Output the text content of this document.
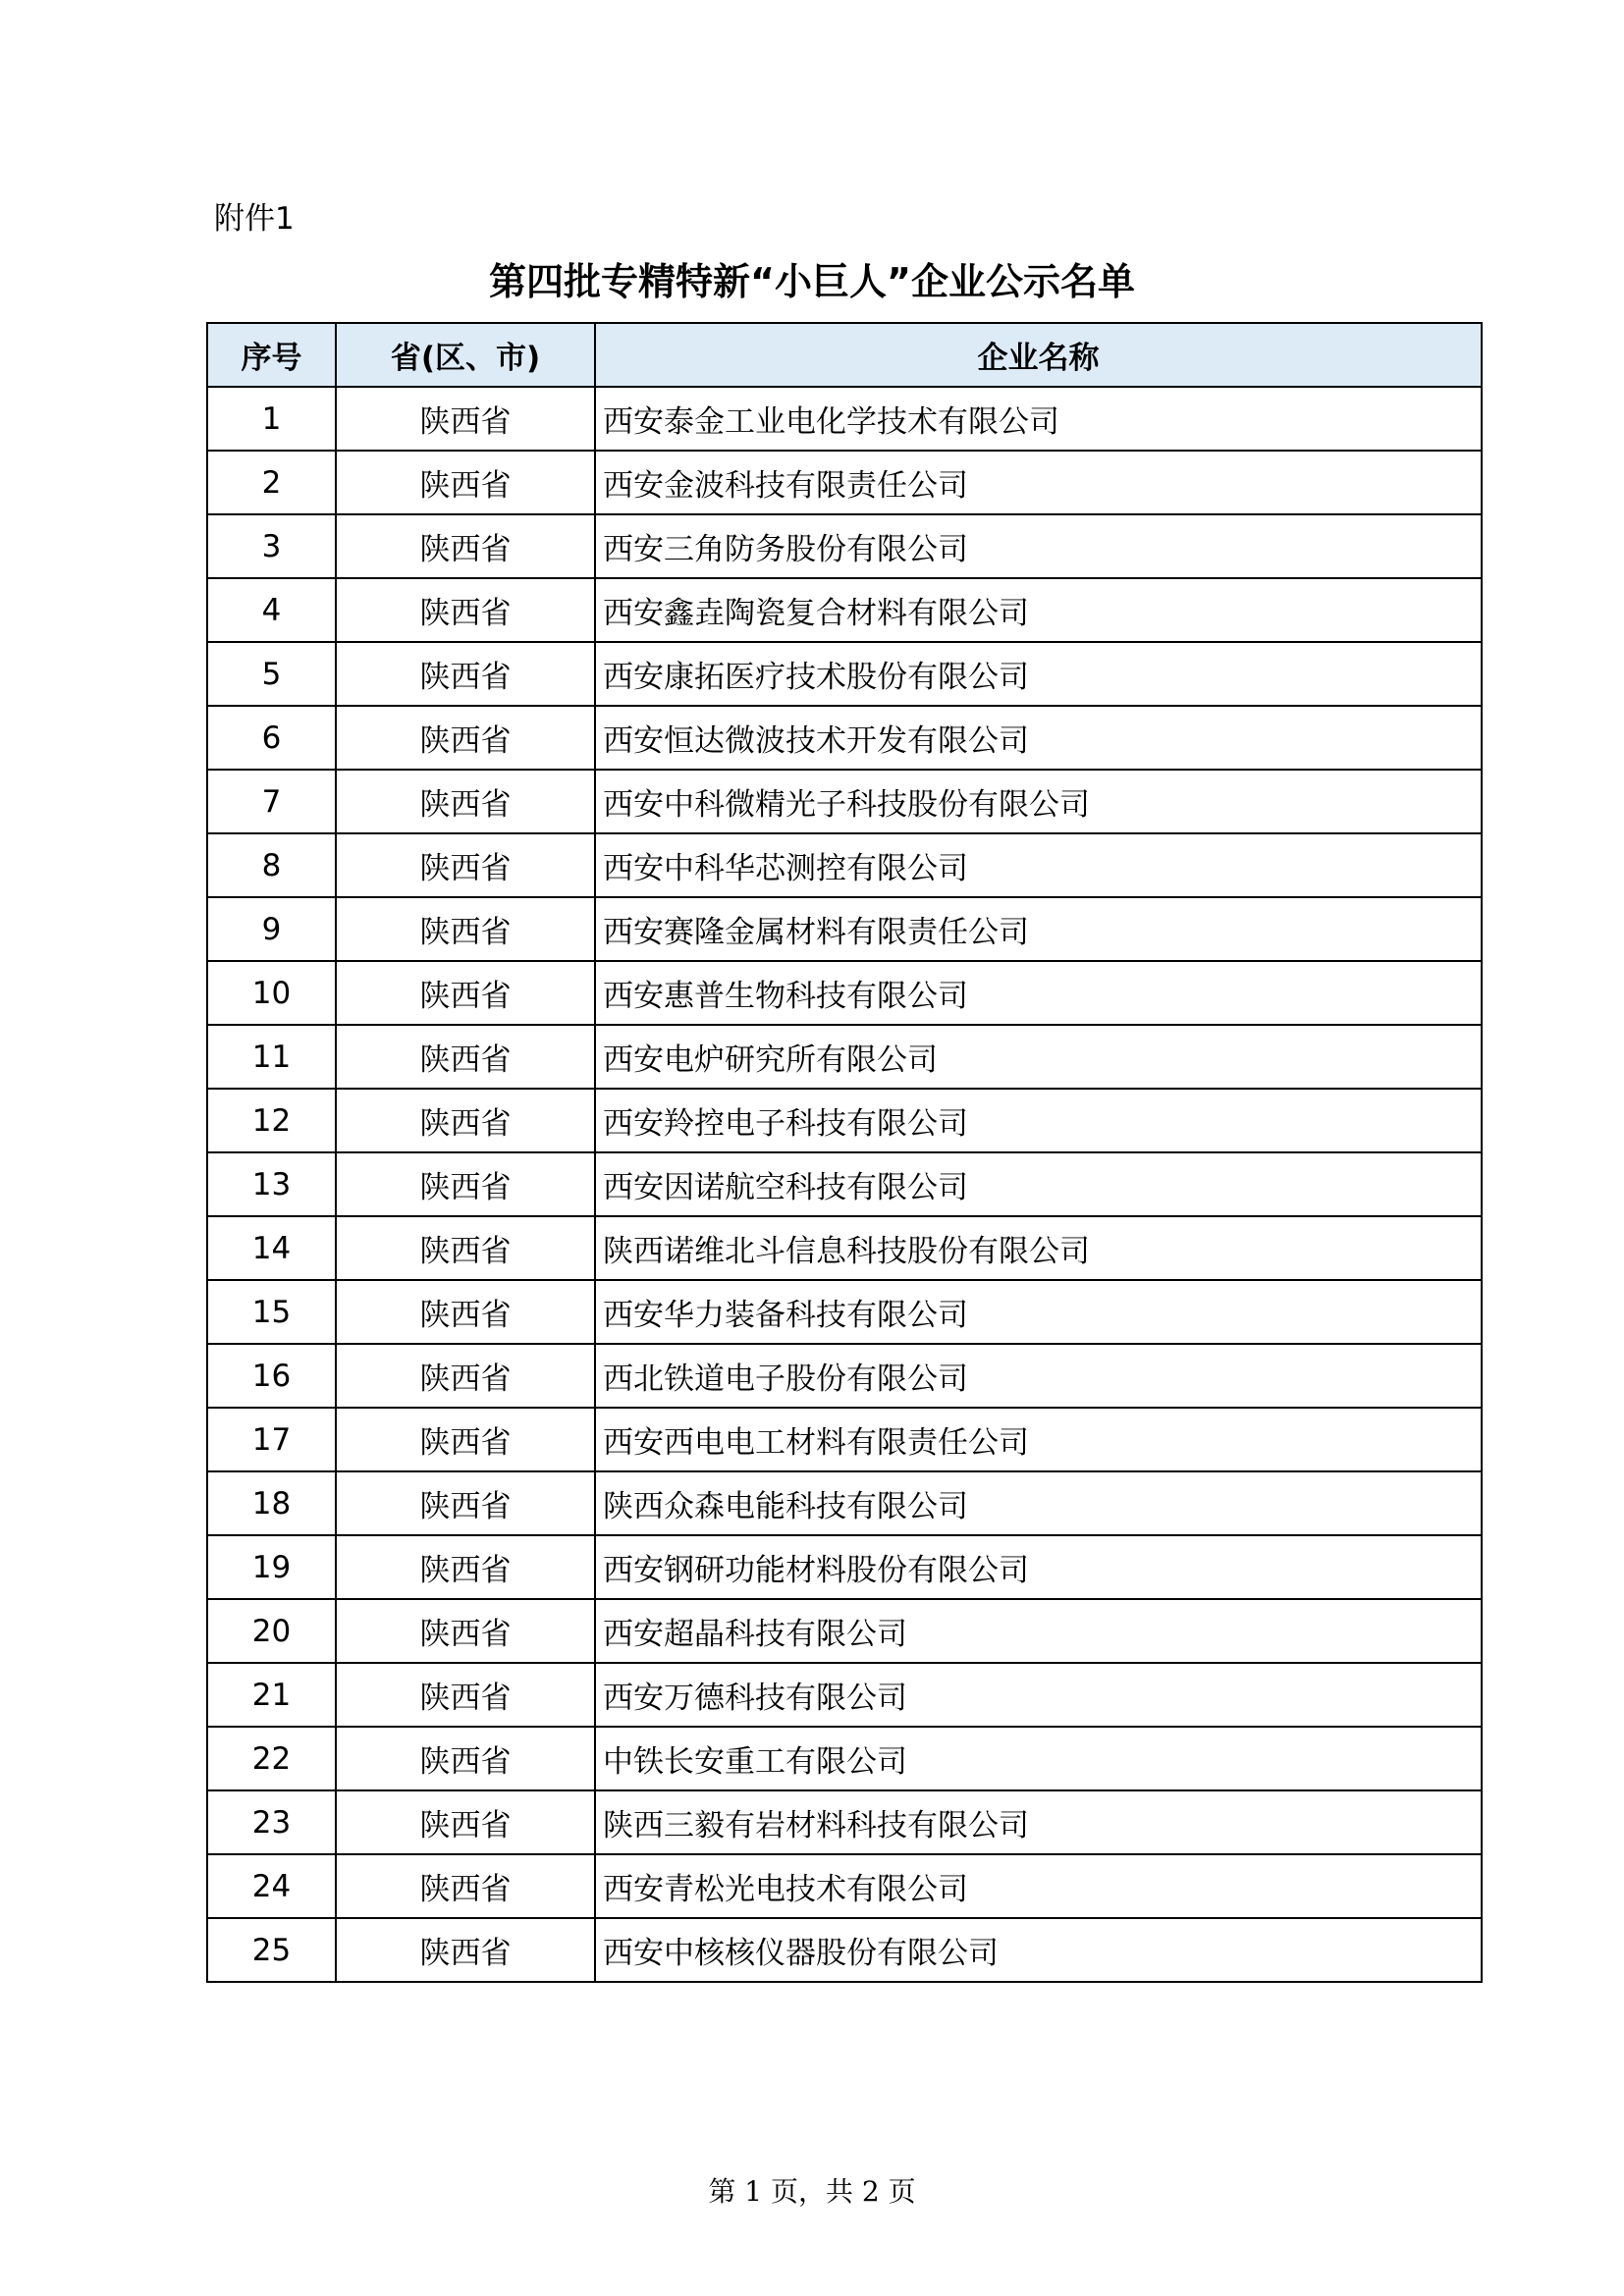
附件1
第四批专精特新“小巨人”企业公示名单
序号	省(区、市)	企业名称
1	陕西省	西安泰金工业电化学技术有限公司
2	陕西省	西安金波科技有限责任公司
3	陕西省	西安三角防务股份有限公司
4	陕西省	西安鑫垚陶瓷复合材料有限公司
5	陕西省	西安康拓医疗技术股份有限公司
6	陕西省	西安恒达微波技术开发有限公司
7	陕西省	西安中科微精光子科技股份有限公司
8	陕西省	西安中科华芯测控有限公司
9	陕西省	西安赛隆金属材料有限责任公司
10	陕西省	西安惠普生物科技有限公司
11	陕西省	西安电炉研究所有限公司
12	陕西省	西安羚控电子科技有限公司
13	陕西省	西安因诺航空科技有限公司
14	陕西省	陕西诺维北斗信息科技股份有限公司
15	陕西省	西安华力装备科技有限公司
16	陕西省	西北铁道电子股份有限公司
17	陕西省	西安西电电工材料有限责任公司
18	陕西省	陕西众森电能科技有限公司
19	陕西省	西安钢研功能材料股份有限公司
20	陕西省	西安超晶科技有限公司
21	陕西省	西安万德科技有限公司
22	陕西省	中铁长安重工有限公司
23	陕西省	陕西三毅有岩材料科技有限公司
24	陕西省	西安青松光电技术有限公司
25	陕西省	西安中核核仪器股份有限公司
第 1 页，共 2 页
